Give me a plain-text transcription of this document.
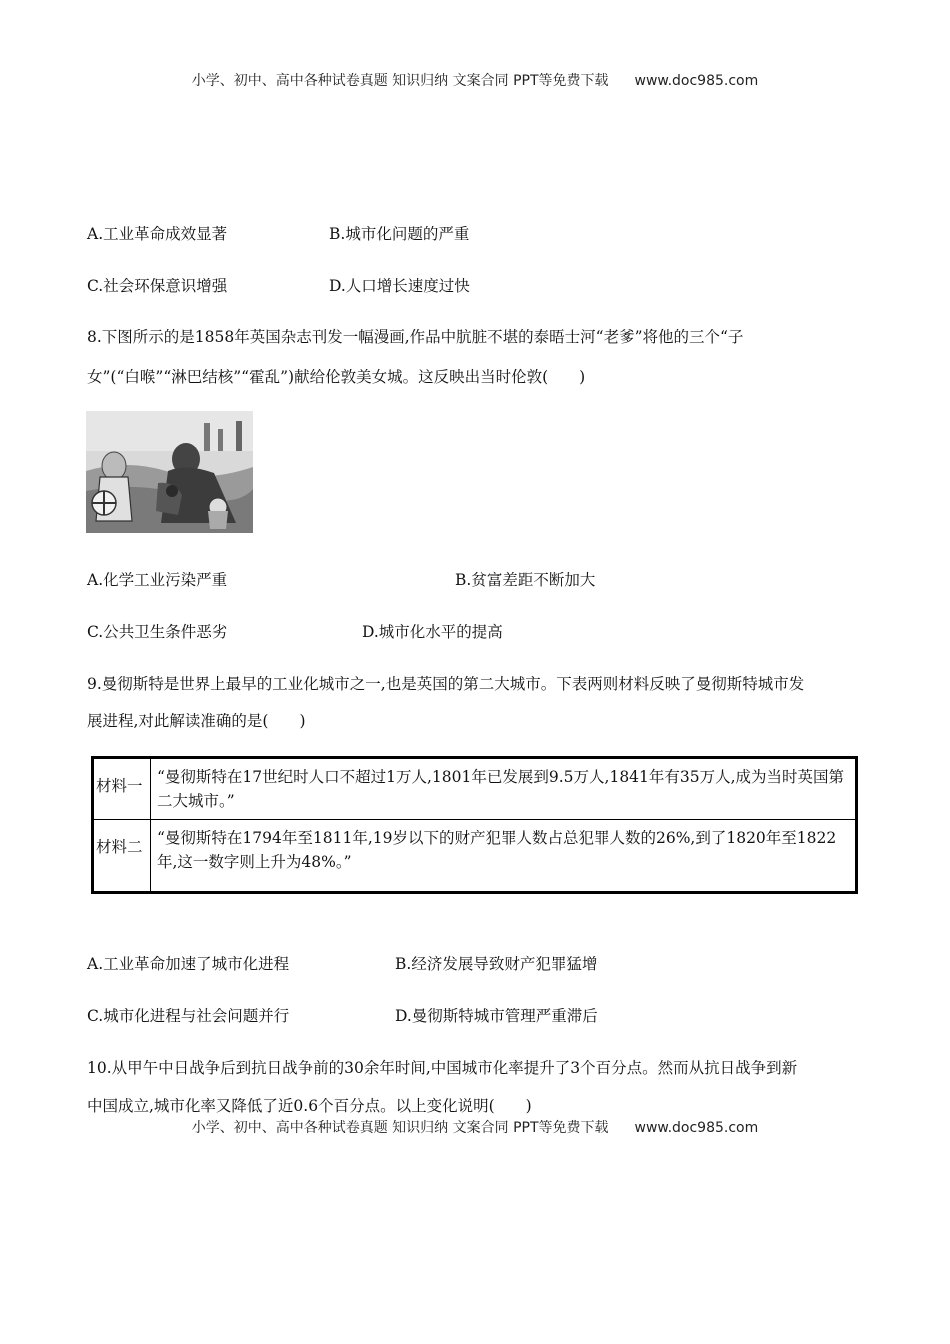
小学、初中、高中各种试卷真题 知识归纳 文案合同 PPT等免费下载 www.doc985.com
A.工业革命成效显著	B.城市化问题的严重
C.社会环保意识增强	D.人口增长速度过快
8.下图所示的是1858年英国杂志刊发一幅漫画,作品中肮脏不堪的泰晤士河“老爹”将他的三个“子
女”(“白喉”“淋巴结核”“霍乱”)献给伦敦美女城。这反映出当时伦敦(　　)
A.化学工业污染严重	B.贫富差距不断加大
C.公共卫生条件恶劣	D.城市化水平的提高
9.曼彻斯特是世界上最早的工业化城市之一,也是英国的第二大城市。下表两则材料反映了曼彻斯特城市发
展进程,对此解读准确的是(　　)
材料一	“曼彻斯特在17世纪时人口不超过1万人,1801年已发展到9.5万人,1841年有35万人,成为当时英国第二大城市。”
材料二	“曼彻斯特在1794年至1811年,19岁以下的财产犯罪人数占总犯罪人数的26%,到了1820年至1822年,这一数字则上升为48%。”
A.工业革命加速了城市化进程	B.经济发展导致财产犯罪猛增
C.城市化进程与社会问题并行	D.曼彻斯特城市管理严重滞后
10.从甲午中日战争后到抗日战争前的30余年时间,中国城市化率提升了3个百分点。然而从抗日战争到新
中国成立,城市化率又降低了近0.6个百分点。以上变化说明(　　)
小学、初中、高中各种试卷真题 知识归纳 文案合同 PPT等免费下载 www.doc985.com
